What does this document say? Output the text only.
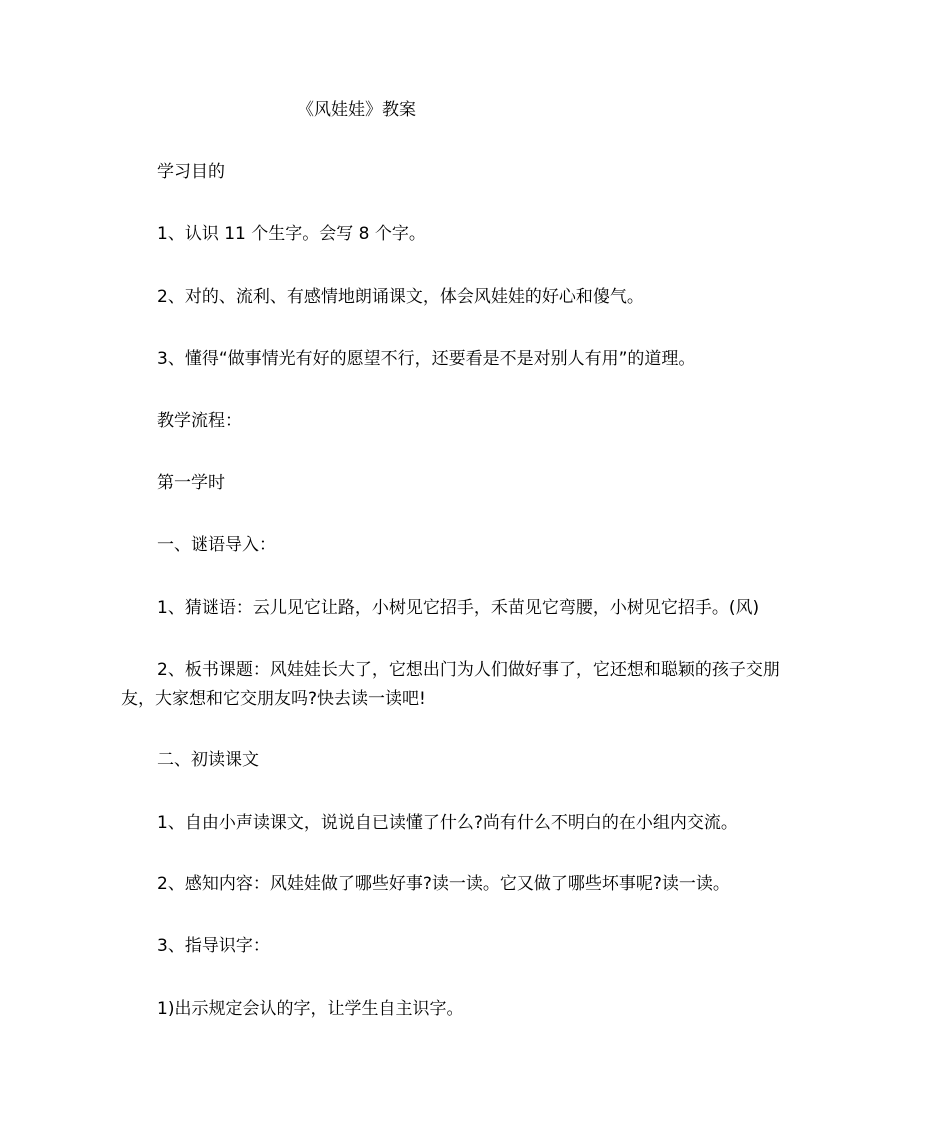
《风娃娃》教案
学习目的
1、认识 11 个生字。会写 8 个字。
2、对的、流利、有感情地朗诵课文，体会风娃娃的好心和傻气。
3、懂得“做事情光有好的愿望不行，还要看是不是对别人有用”的道理。
教学流程：
第一学时
一、谜语导入：
1、猜谜语：云儿见它让路，小树见它招手，禾苗见它弯腰，小树见它招手。(风)
2、板书课题：风娃娃长大了，它想出门为人们做好事了，它还想和聪颖的孩子交朋
友，大家想和它交朋友吗?快去读一读吧!
二、初读课文
1、自由小声读课文，说说自已读懂了什么?尚有什么不明白的在小组内交流。
2、感知内容：风娃娃做了哪些好事?读一读。它又做了哪些坏事呢?读一读。
3、指导识字：
1)出示规定会认的字，让学生自主识字。
